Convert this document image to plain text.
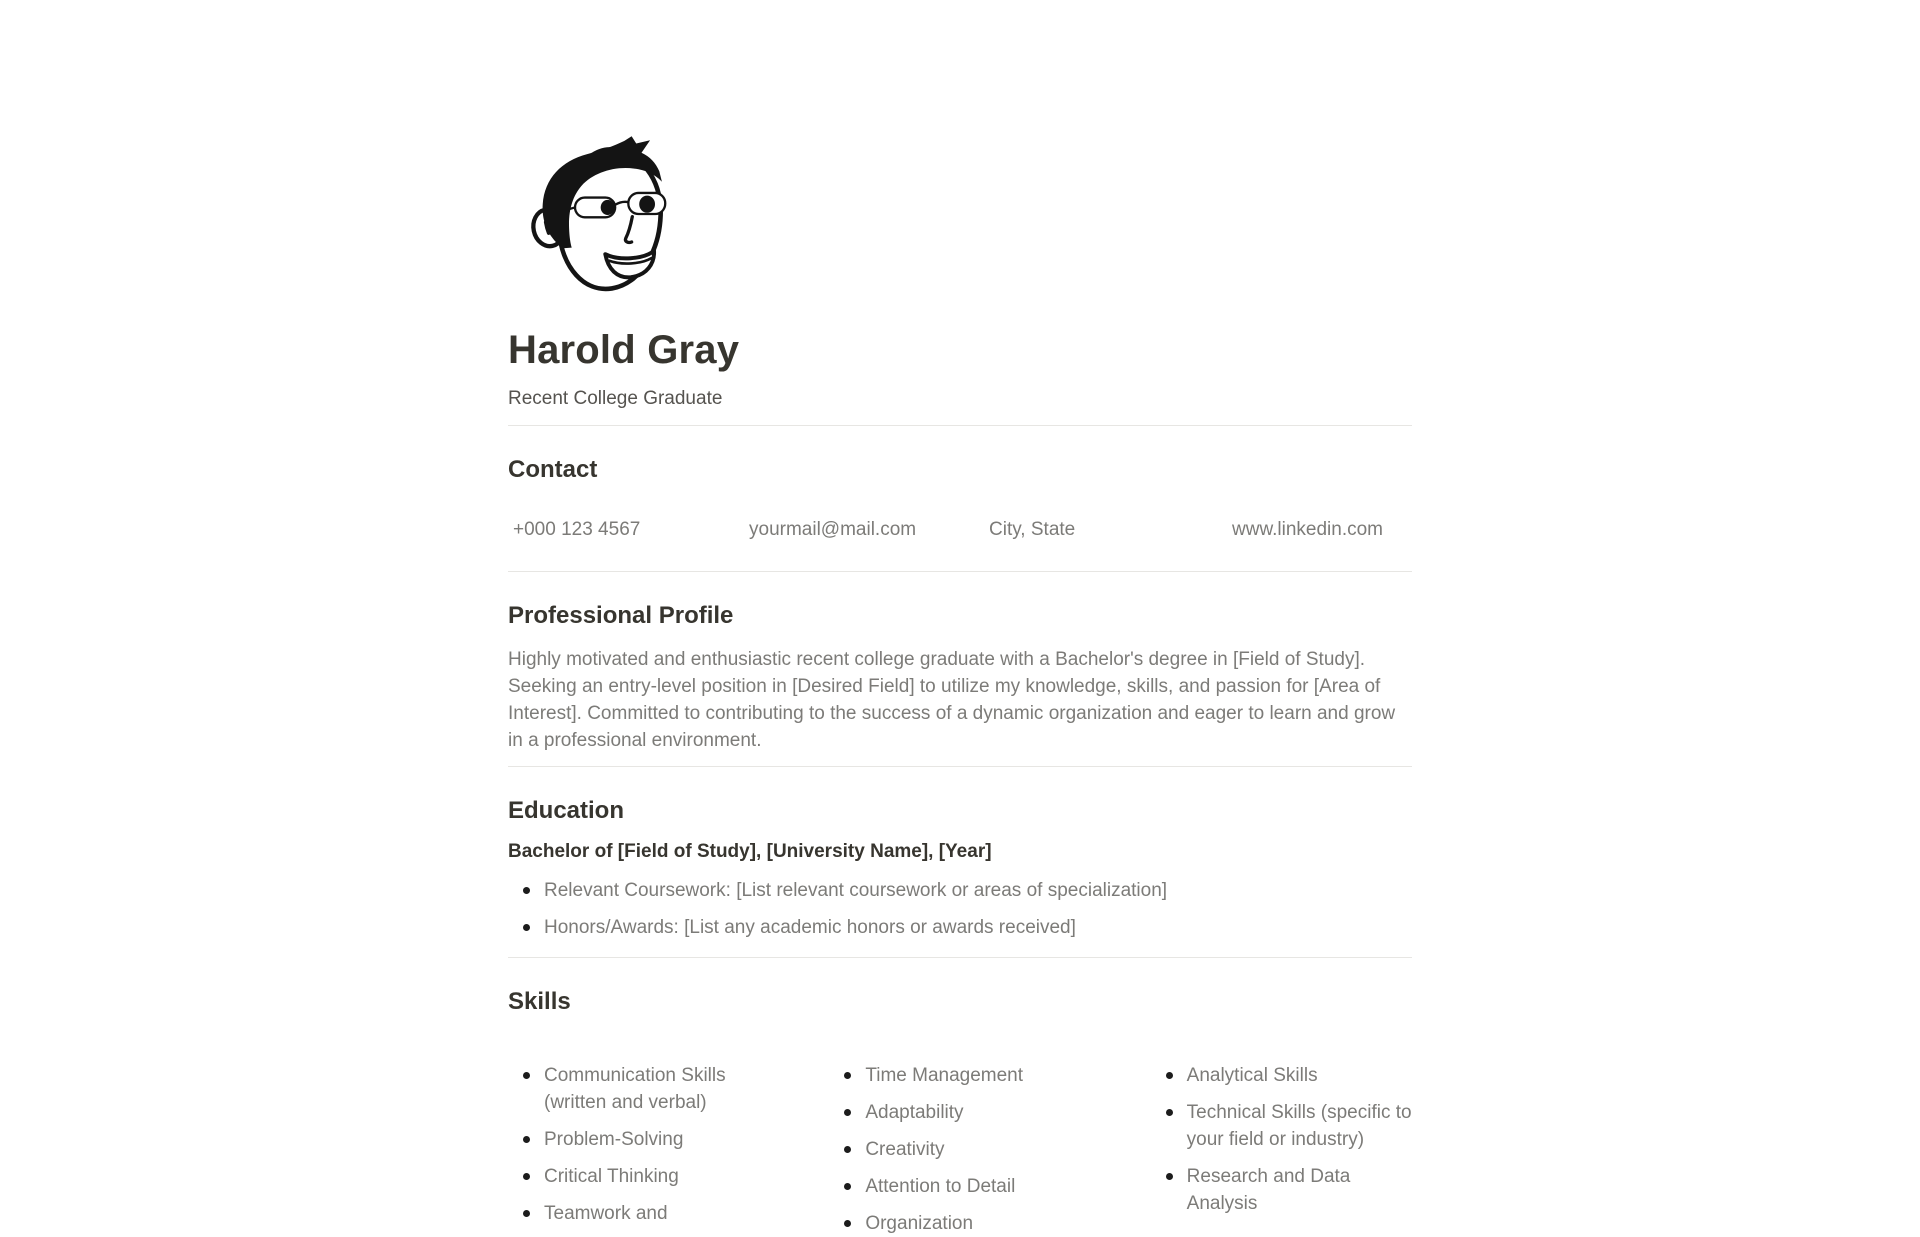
Harold Gray

Recent College Graduate

Contact
+000 123 4567	yourmail@mail.com	City, State	www.linkedin.com
Professional Profile

Highly motivated and enthusiastic recent college graduate with a Bachelor's degree in [Field of Study]. Seeking an entry-level position in [Desired Field] to utilize my knowledge, skills, and passion for [Area of Interest]. Committed to contributing to the success of a dynamic organization and eager to learn and grow in a professional environment.

Education

Bachelor of [Field of Study], [University Name], [Year]

Relevant Coursework: [List relevant coursework or areas of specialization]
Honors/Awards: [List any academic honors or awards received]
Skills
Communication Skills (written and verbal)
Problem-Solving
Critical Thinking
Teamwork and
Time Management
Adaptability
Creativity
Attention to Detail
Organization
Analytical Skills
Technical Skills (specific to your field or industry)
Research and Data Analysis
